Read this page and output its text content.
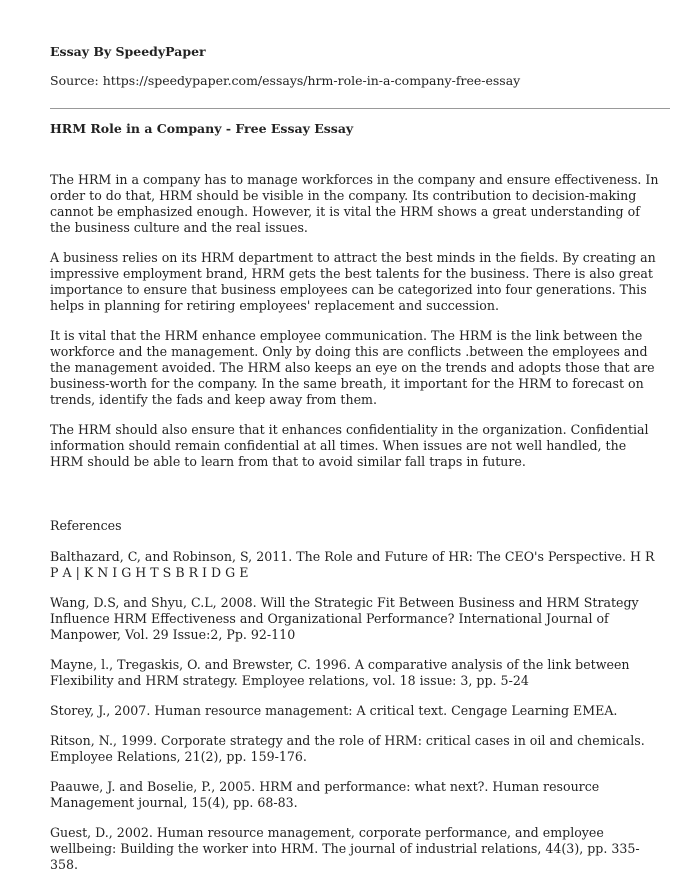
Essay By SpeedyPaper

Source: https://speedypaper.com/essays/hrm-role-in-a-company-free-essay

HRM Role in a Company - Free Essay Essay

The HRM in a company has to manage workforces in the company and ensure effectiveness. In order to do that, HRM should be visible in the company. Its contribution to decision-making cannot be emphasized enough. However, it is vital the HRM shows a great understanding of the business culture and the real issues.

A business relies on its HRM department to attract the best minds in the fields. By creating an impressive employment brand, HRM gets the best talents for the business. There is also great importance to ensure that business employees can be categorized into four generations. This helps in planning for retiring employees' replacement and succession.

It is vital that the HRM enhance employee communication. The HRM is the link between the workforce and the management. Only by doing this are conflicts .between the employees and the management avoided. The HRM also keeps an eye on the trends and adopts those that are business-worth for the company. In the same breath, it important for the HRM to forecast on trends, identify the fads and keep away from them.

The HRM should also ensure that it enhances confidentiality in the organization. Confidential information should remain confidential at all times. When issues are not well handled, the HRM should be able to learn from that to avoid similar fall traps in future.

References

Balthazard, C, and Robinson, S, 2011. The Role and Future of HR: The CEO's Perspective. H R P A | K N I G H T S B R I D G E

Wang, D.S, and Shyu, C.L, 2008. Will the Strategic Fit Between Business and HRM Strategy Influence HRM Effectiveness and Organizational Performance? International Journal of Manpower, Vol. 29 Issue:2, Pp. 92-110

Mayne, l., Tregaskis, O. and Brewster, C. 1996. A comparative analysis of the link between Flexibility and HRM strategy. Employee relations, vol. 18 issue: 3, pp. 5-24

Storey, J., 2007. Human resource management: A critical text. Cengage Learning EMEA.

Ritson, N., 1999. Corporate strategy and the role of HRM: critical cases in oil and chemicals. Employee Relations, 21(2), pp. 159-176.

Paauwe, J. and Boselie, P., 2005. HRM and performance: what next?. Human resource Management journal, 15(4), pp. 68-83.

Guest, D., 2002. Human resource management, corporate performance, and employee wellbeing: Building the worker into HRM. The journal of industrial relations, 44(3), pp. 335-358.
